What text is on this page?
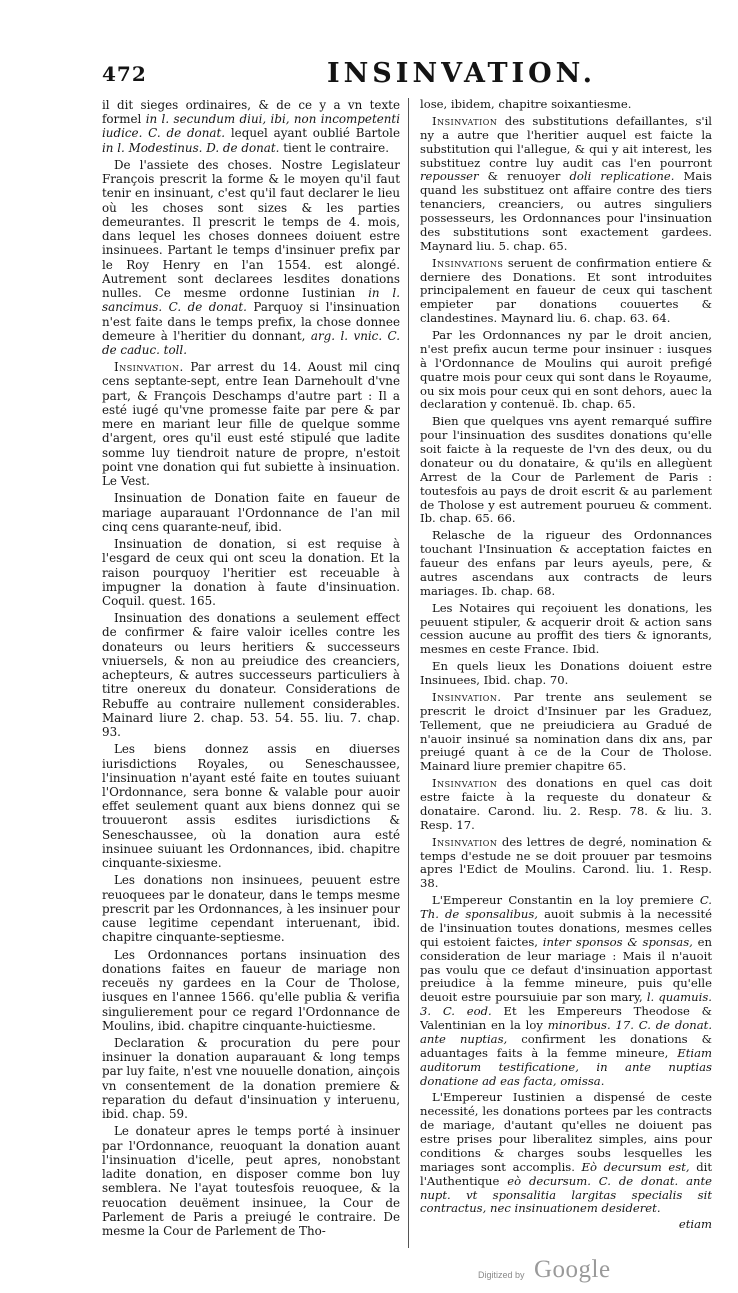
472	INSINVATION.

il dit sieges ordinaires, & de ce y a vn texte formel in l. secundum diui, ibi, non incompetenti iudice. C. de donat. lequel ayant oublié Bartole in l. Modestinus. D. de donat. tient le contraire.

De l'assiete des choses. Nostre Legislateur François prescrit la forme & le moyen qu'il faut tenir en insinuant, c'est qu'il faut declarer le lieu où les choses sont sizes & les parties demeurantes. Il prescrit le temps de 4. mois, dans lequel les choses donnees doiuent estre insinuees. Partant le temps d'insinuer prefix par le Roy Henry en l'an 1554. est alongé. Autrement sont declarees lesdites donations nulles. Ce mesme ordonne Iustinian in l. sancimus. C. de donat. Parquoy si l'insinuation n'est faite dans le temps prefix, la chose donnee demeure à l'heritier du donnant, arg. l. vnic. C. de caduc. toll.

Insinvation. Par arrest du 14. Aoust mil cinq cens septante-sept, entre Iean Darnehoult d'vne part, & François Deschamps d'autre part : Il a esté iugé qu'vne promesse faite par pere & par mere en mariant leur fille de quelque somme d'argent, ores qu'il eust esté stipulé que ladite somme luy tiendroit nature de propre, n'estoit point vne donation qui fut subiette à insinuation. Le Vest.

Insinuation de Donation faite en faueur de mariage auparauant l'Ordonnance de l'an mil cinq cens quarante-neuf, ibid.

Insinuation de donation, si est requise à l'esgard de ceux qui ont sceu la donation. Et la raison pourquoy l'heritier est receuable à impugner la donation à faute d'insinuation. Coquil. quest. 165.

Insinuation des donations a seulement effect de confirmer & faire valoir icelles contre les donateurs ou leurs heritiers & successeurs vniuersels, & non au preiudice des creanciers, achepteurs, & autres successeurs particuliers à titre onereux du donateur. Considerations de Rebuffe au contraire nullement considerables. Mainard liure 2. chap. 53. 54. 55. liu. 7. chap. 93.

Les biens donnez assis en diuerses iurisdictions Royales, ou Seneschaussee, l'insinuation n'ayant esté faite en toutes suiuant l'Ordonnance, sera bonne & valable pour auoir effet seulement quant aux biens donnez qui se trouueront assis esdites iurisdictions & Seneschaussee, où la donation aura esté insinuee suiuant les Ordonnances, ibid. chapitre cinquante-sixiesme.

Les donations non insinuees, peuuent estre reuoquees par le donateur, dans le temps mesme prescrit par les Ordonnances, à les insinuer pour cause legitime cependant interuenant, ibid. chapitre cinquante-septiesme.

Les Ordonnances portans insinuation des donations faites en faueur de mariage non receuës ny gardees en la Cour de Tholose, iusques en l'annee 1566. qu'elle publia & verifia singulierement pour ce regard l'Ordonnance de Moulins, ibid. chapitre cinquante-huictiesme.

Declaration & procuration du pere pour insinuer la donation auparauant & long temps par luy faite, n'est vne nouuelle donation, ainçois vn consentement de la donation premiere & reparation du defaut d'insinuation y interuenu, ibid. chap. 59.

Le donateur apres le temps porté à insinuer par l'Ordonnance, reuoquant la donation auant l'insinuation d'icelle, peut apres, nonobstant ladite donation, en disposer comme bon luy semblera. Ne l'ayat toutesfois reuoquee, & la reuocation deuëment insinuee, la Cour de Parlement de Paris a preiugé le contraire. De mesme la Cour de Parlement de Tho-

lose, ibidem, chapitre soixantiesme.

Insinvation des substitutions defaillantes, s'il ny a autre que l'heritier auquel est faicte la substitution qui l'allegue, & qui y ait interest, les substituez contre luy audit cas l'en pourront repousser & renuoyer doli replicatione. Mais quand les substituez ont affaire contre des tiers tenanciers, creanciers, ou autres singuliers possesseurs, les Ordonnances pour l'insinuation des substitutions sont exactement gardees. Maynard liu. 5. chap. 65.

Insinvations seruent de confirmation entiere & derniere des Donations. Et sont introduites principalement en faueur de ceux qui taschent empieter par donations couuertes & clandestines. Maynard liu. 6. chap. 63. 64.

Par les Ordonnances ny par le droit ancien, n'est prefix aucun terme pour insinuer : iusques à l'Ordonnance de Moulins qui auroit prefigé quatre mois pour ceux qui sont dans le Royaume, ou six mois pour ceux qui en sont dehors, auec la declaration y contenuë. Ib. chap. 65.

Bien que quelques vns ayent remarqué suffire pour l'insinuation des susdites donations qu'elle soit faicte à la requeste de l'vn des deux, ou du donateur ou du donataire, & qu'ils en allegùent Arrest de la Cour de Parlement de Paris : toutesfois au pays de droit escrit & au parlement de Tholose y est autrement pourueu & comment. Ib. chap. 65. 66.

Relasche de la rigueur des Ordonnances touchant l'Insinuation & acceptation faictes en faueur des enfans par leurs ayeuls, pere, & autres ascendans aux contracts de leurs mariages. Ib. chap. 68.

Les Notaires qui reçoiuent les donations, les peuuent stipuler, & acquerir droit & action sans cession aucune au proffit des tiers & ignorants, mesmes en ceste France. Ibid.

En quels lieux les Donations doiuent estre Insinuees, Ibid. chap. 70.

Insinvation. Par trente ans seulement se prescrit le droict d'Insinuer par les Graduez, Tellement, que ne preiudiciera au Gradué de n'auoir insinué sa nomination dans dix ans, par preiugé quant à ce de la Cour de Tholose. Mainard liure premier chapitre 65.

Insinvation des donations en quel cas doit estre faicte à la requeste du donateur & donataire. Carond. liu. 2. Resp. 78. & liu. 3. Resp. 17.

Insinvation des lettres de degré, nomination & temps d'estude ne se doit prouuer par tesmoins apres l'Edict de Moulins. Carond. liu. 1. Resp. 38.

L'Empereur Constantin en la loy premiere C. Th. de sponsalibus, auoit submis à la necessité de l'insinuation toutes donations, mesmes celles qui estoient faictes, inter sponsos & sponsas, en consideration de leur mariage : Mais il n'auoit pas voulu que ce defaut d'insinuation apportast preiudice à la femme mineure, puis qu'elle deuoit estre poursuiuie par son mary, l. quamuis. 3. C. eod. Et les Empereurs Theodose & Valentinian en la loy minoribus. 17. C. de donat. ante nuptias, confirment les donations & aduantages faits à la femme mineure, Etiam auditorum testificatione, in ante nuptias donatione ad eas facta, omissa.

L'Empereur Iustinien a dispensé de ceste necessité, les donations portees par les contracts de mariage, d'autant qu'elles ne doiuent pas estre prises pour liberalitez simples, ains pour conditions & charges soubs lesquelles les mariages sont accomplis. Eò decursum est, dit l'Authentique eò decursum. C. de donat. ante nupt. vt sponsalitia largitas specialis sit contractus, nec insinuationem desideret.

etiam
Digitized by Google
